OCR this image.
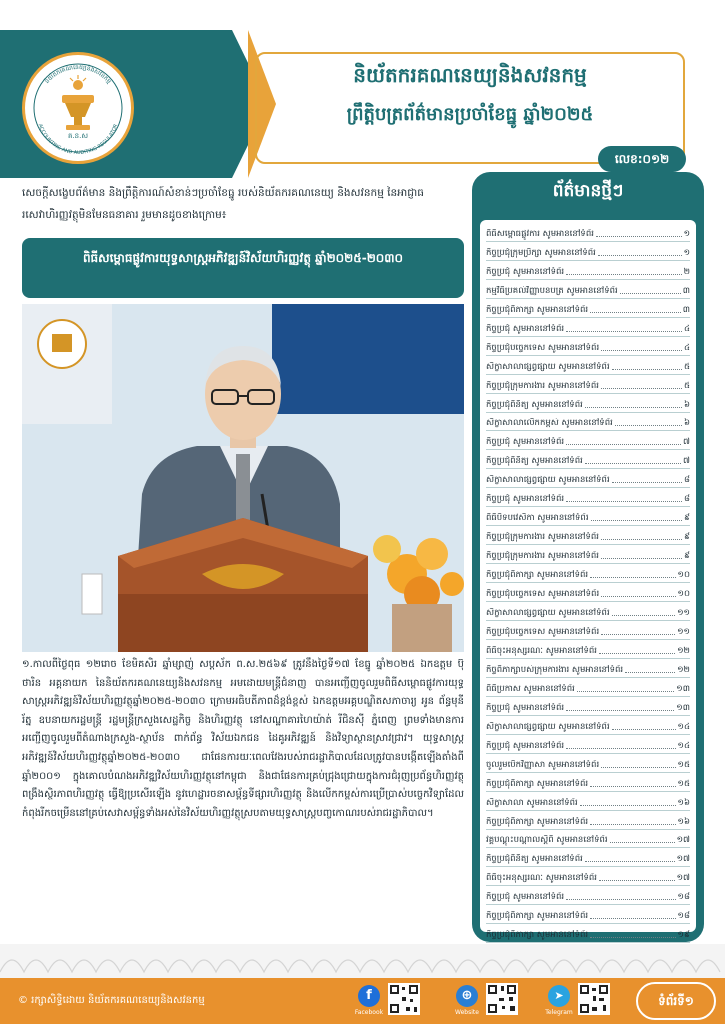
និយ័តករគណនេយ្យនិងសវនកម្ម
ACCOUNTING AND AUDITING REGULATOR
គ.ន.ស
និយ័តករគណនេយ្យនិងសវនកម្ម
ព្រឹត្តិបត្រព័ត៌មានប្រចាំខែធ្នូ ឆ្នាំ២០២៥
លេខ:០១២
សេចក្តីសង្ខេបព័ត៌មាន និងព្រឹត្តិការណ៍សំខាន់ៗប្រចាំខែធ្នូ របស់និយ័តករគណនេយ្យ និងសវនកម្ម នៃអាជ្ញាធរសេវាហិរញ្ញវត្ថុមិនមែនធនាគារ រួមមានដូចខាងក្រោម៖
ពិធីសម្ពោធផ្លូវការយុទ្ធសាស្ត្រអភិវឌ្ឍន៍វិស័យហិរញ្ញវត្ថុ ឆ្នាំ២០២៥-២០៣០
១.កាលពីថ្ងៃពុធ ១២រោច ខែមិគសិរ ឆ្នាំម្សាញ់ សប្តស័ក ព.ស.២៥៦៩ ត្រូវនឹងថ្ងៃទី១៧ ខែធ្នូ ឆ្នាំ២០២៥ ឯកឧត្តម ប៊ុ ថារិន អគ្គនាយក នៃនិយ័តករគណនេយ្យនិងសវនកម្ម អមដោយមន្ត្រីជំនាញ បានអញ្ជើញចូលរួមពិធីសម្ពោធផ្លូវការយុទ្ធសាស្ត្រអភិវឌ្ឍន៍វិស័យហិរញ្ញវត្ថុឆ្នាំ២០២៥-២០៣០ ក្រោមអធិបតីភាពដ៏ខ្ពង់ខ្ពស់ ឯកឧត្តមអគ្គបណ្ឌិតសភាចារ្យ អូន ព័ន្ធមុនីរ័ត្ន ឧបនាយករដ្ឋមន្ត្រី រដ្ឋមន្ត្រីក្រសួងសេដ្ឋកិច្ច និងហិរញ្ញវត្ថុ នៅសណ្ឋាគារហៃយ៉ាត់ រីជិនស៊ី ភ្នំពេញ ព្រមទាំងមានការអញ្ជើញចូលរួមពីតំណាងក្រសួង-ស្ថាប័ន ពាក់ព័ន្ធ វិស័យឯកជន ដៃគូអភិវឌ្ឍន៍ និងវិទ្យាស្ថានស្រាវជ្រាវ។ យុទ្ធសាស្ត្រអភិវឌ្ឍន៍វិស័យហិរញ្ញវត្ថុឆ្នាំ២០២៥-២០៣០ ជាផែនការយៈពេលវែងរបស់រាជរដ្ឋាភិបាលដែលត្រូវបានបង្កើតឡើងតាំងពីឆ្នាំ២០០១ ក្នុងគោលបំណងអភិវឌ្ឍវិស័យហិរញ្ញវត្ថុនៅកម្ពុជា និងជាផែនការគ្រប់ជ្រុងជ្រោយក្នុងការជំរុញប្រព័ន្ធហិរញ្ញវត្ថុ ពង្រឹងស្ថិរភាពហិរញ្ញវត្ថុ ធ្វើឱ្យប្រសើរឡើង នូវហេដ្ឋារចនាសម្ព័ន្ធទីផ្សារហិរញ្ញវត្ថុ និងលើកកម្ពស់ការប្រើប្រាស់បច្ចេកវិទ្យាដែលកំពុងរីកចម្រើននៅគ្រប់សេវាសម្ព័ន្ធទាំងអស់នៃវិស័យហិរញ្ញវត្ថុស្របតាមយុទ្ធសាស្ត្របញ្ចកោណរបស់រាជរដ្ឋាភិបាល។
ព័ត៌មានថ្មីៗ
ពិធីសម្ពោធផ្លូវការ សូមអាននៅទំព័រ	១
កិច្ចប្រជុំក្រុមប្រឹក្សា សូមអាននៅទំព័រ	១
កិច្ចប្រជុំ សូមអាននៅទំព័រ	២
កម្មវិធីប្រគល់វិញ្ញាបនបត្រ សូមអាននៅទំព័រ	៣
កិច្ចប្រជុំពិភាក្សា សូមអាននៅទំព័រ	៣
កិច្ចប្រជុំ សូមអាននៅទំព័រ	៤
កិច្ចប្រជុំបច្ចេកទេស សូមអាននៅទំព័រ	៤
សិក្ខាសាលាផ្សព្វផ្សាយ សូមអាននៅទំព័រ	៥
កិច្ចប្រជុំក្រុមការងារ សូមអាននៅទំព័រ	៥
កិច្ចប្រជុំពិនិត្យ សូមអាននៅទំព័រ	៦
សិក្ខាសាលាលើកកម្ពស់ សូមអាននៅទំព័រ	៦
កិច្ចប្រជុំ សូមអាននៅទំព័រ	៧
កិច្ចប្រជុំពិនិត្យ សូមអាននៅទំព័រ	៧
សិក្ខាសាលាផ្សព្វផ្សាយ សូមអាននៅទំព័រ	៨
កិច្ចប្រជុំ សូមអាននៅទំព័រ	៨
ពិធីបិទបវេសិកា សូមអាននៅទំព័រ	៩
កិច្ចប្រជុំក្រុមការងារ សូមអាននៅទំព័រ	៩
កិច្ចប្រជុំក្រុមការងារ សូមអាននៅទំព័រ	៩
កិច្ចប្រជុំពិភាក្សា សូមអាននៅទំព័រ	១០
កិច្ចប្រជុំបច្ចេកទេស សូមអាននៅទំព័រ	១០
សិក្ខាសាលាផ្សព្វផ្សាយ សូមអាននៅទំព័រ	១១
កិច្ចប្រជុំបច្ចេកទេស សូមអាននៅទំព័រ	១១
ពិធីចុះអនុស្សរណៈ សូមអាននៅទំព័រ	១២
កិច្ចពិភាក្សាបស់ក្រុមការងារ សូមអាននៅទំព័រ	១២
ពិធីប្រកាស សូមអាននៅទំព័រ	១៣
កិច្ចប្រជុំ សូមអាននៅទំព័រ	១៣
សិក្ខាសាលាផ្សព្វផ្សាយ សូមអាននៅទំព័រ	១៤
កិច្ចប្រជុំ សូមអាននៅទំព័រ	១៤
ចូលរួមបើកវិញ្ញាសា សូមអាននៅទំព័រ	១៥
កិច្ចប្រជុំពិភាក្សា សូមអាននៅទំព័រ	១៥
សិក្ខាសាលា សូមអាននៅទំព័រ	១៦
កិច្ចប្រជុំពិភាក្សា សូមអាននៅទំព័រ	១៦
វគ្គបណ្តុះបណ្តាលស្តីពី សូមអាននៅទំព័រ	១៧
កិច្ចប្រជុំពិនិត្យ សូមអាននៅទំព័រ	១៧
ពិធីចុះអនុស្សរណៈ សូមអាននៅទំព័រ	១៧
កិច្ចប្រជុំ សូមអាននៅទំព័រ	១៨
កិច្ចប្រជុំពិភាក្សា សូមអាននៅទំព័រ	១៨
កិច្ចប្រជុំពិភាក្សា សូមអាននៅទំព័រ	១៩
© រក្សាសិទ្ធិដោយ និយ័តករគណនេយ្យនិងសវនកម្ម	f
Facebook
⊕
Website
➤
Telegram
ទំព័រទី១
